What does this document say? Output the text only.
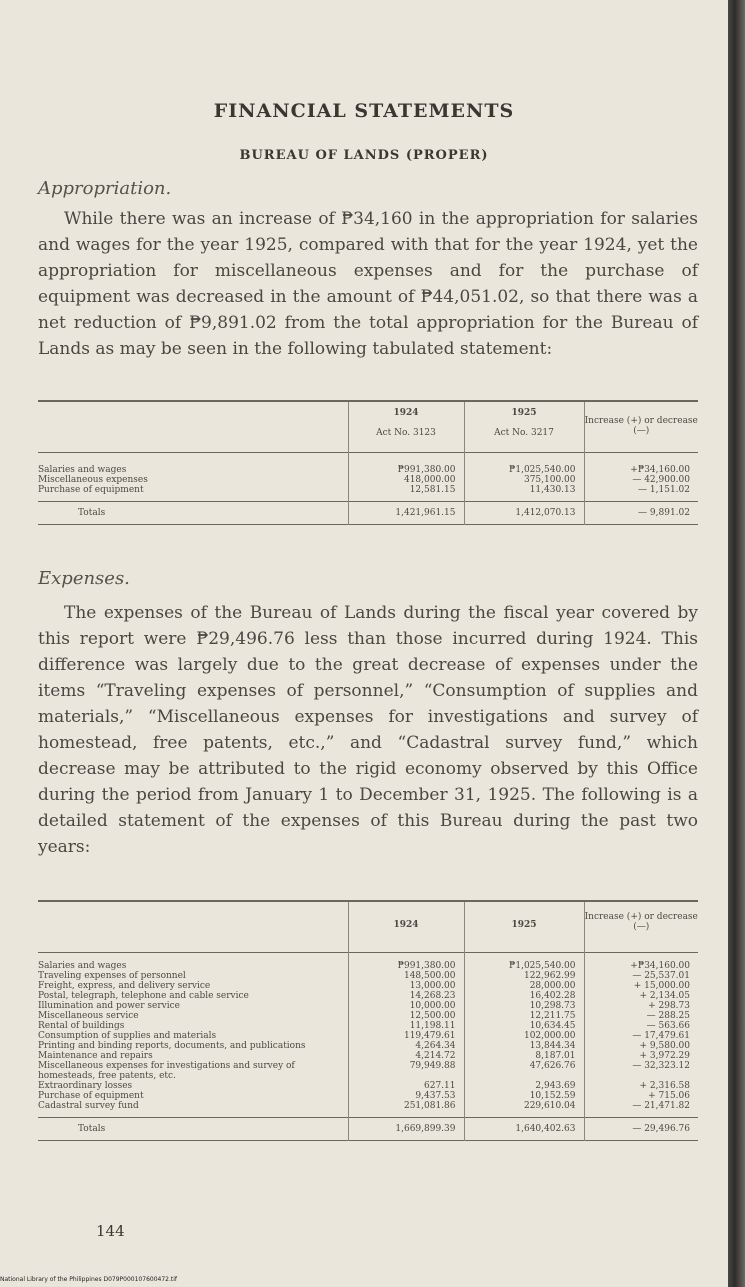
FINANCIAL STATEMENTS
BUREAU OF LANDS (PROPER)
Appropriation.
While there was an increase of ₱34,160 in the appropriation for salaries and wages for the year 1925, compared with that for the year 1924, yet the appropriation for miscellaneous expenses and for the purchase of equipment was decreased in the amount of ₱44,051.02, so that there was a net reduction of ₱9,891.02 from the total appropriation for the Bureau of Lands as may be seen in the following tabulated statement:
	1924	1925	Increase (+) or decrease (—)
	Act No. 3123	Act No. 3217	
Salaries and wages	₱991,380.00	₱1,025,540.00	+₱34,160.00
Miscellaneous expenses	418,000.00	375,100.00	— 42,900.00
Purchase of equipment	12,581.15	11,430.13	— 1,151.02
Totals	1,421,961.15	1,412,070.13	— 9,891.02
Expenses.
The expenses of the Bureau of Lands during the fiscal year covered by this report were ₱29,496.76 less than those incurred during 1924. This difference was largely due to the great decrease of expenses under the items “Traveling expenses of personnel,” “Consumption of supplies and materials,” “Miscellaneous expenses for investigations and survey of homestead, free patents, etc.,” and “Cadastral survey fund,” which decrease may be attributed to the rigid economy observed by this Office during the period from January 1 to December 31, 1925. The following is a detailed statement of the expenses of this Bureau during the past two years:
	1924	1925	Increase (+) or decrease (—)
Salaries and wages	₱991,380.00	₱1,025,540.00	+₱34,160.00
Traveling expenses of personnel	148,500.00	122,962.99	— 25,537.01
Freight, express, and delivery service	13,000.00	28,000.00	+ 15,000.00
Postal, telegraph, telephone and cable service	14,268.23	16,402.28	+ 2,134.05
Illumination and power service	10,000.00	10,298.73	+ 298.73
Miscellaneous service	12,500.00	12,211.75	— 288.25
Rental of buildings	11,198.11	10,634.45	— 563.66
Consumption of supplies and materials	119,479.61	102,000.00	— 17,479.61
Printing and binding reports, documents, and publications	4,264.34	13,844.34	+ 9,580.00
Maintenance and repairs	4,214.72	8,187.01	+ 3,972.29
Miscellaneous expenses for investigations and survey of homesteads, free patents, etc.	79,949.88	47,626.76	— 32,323.12
Extraordinary losses	627.11	2,943.69	+ 2,316.58
Purchase of equipment	9,437.53	10,152.59	+ 715.06
Cadastral survey fund	251,081.86	229,610.04	— 21,471.82
Totals	1,669,899.39	1,640,402.63	— 29,496.76
144
National Library of the Philippines D079P000107600472.tif
